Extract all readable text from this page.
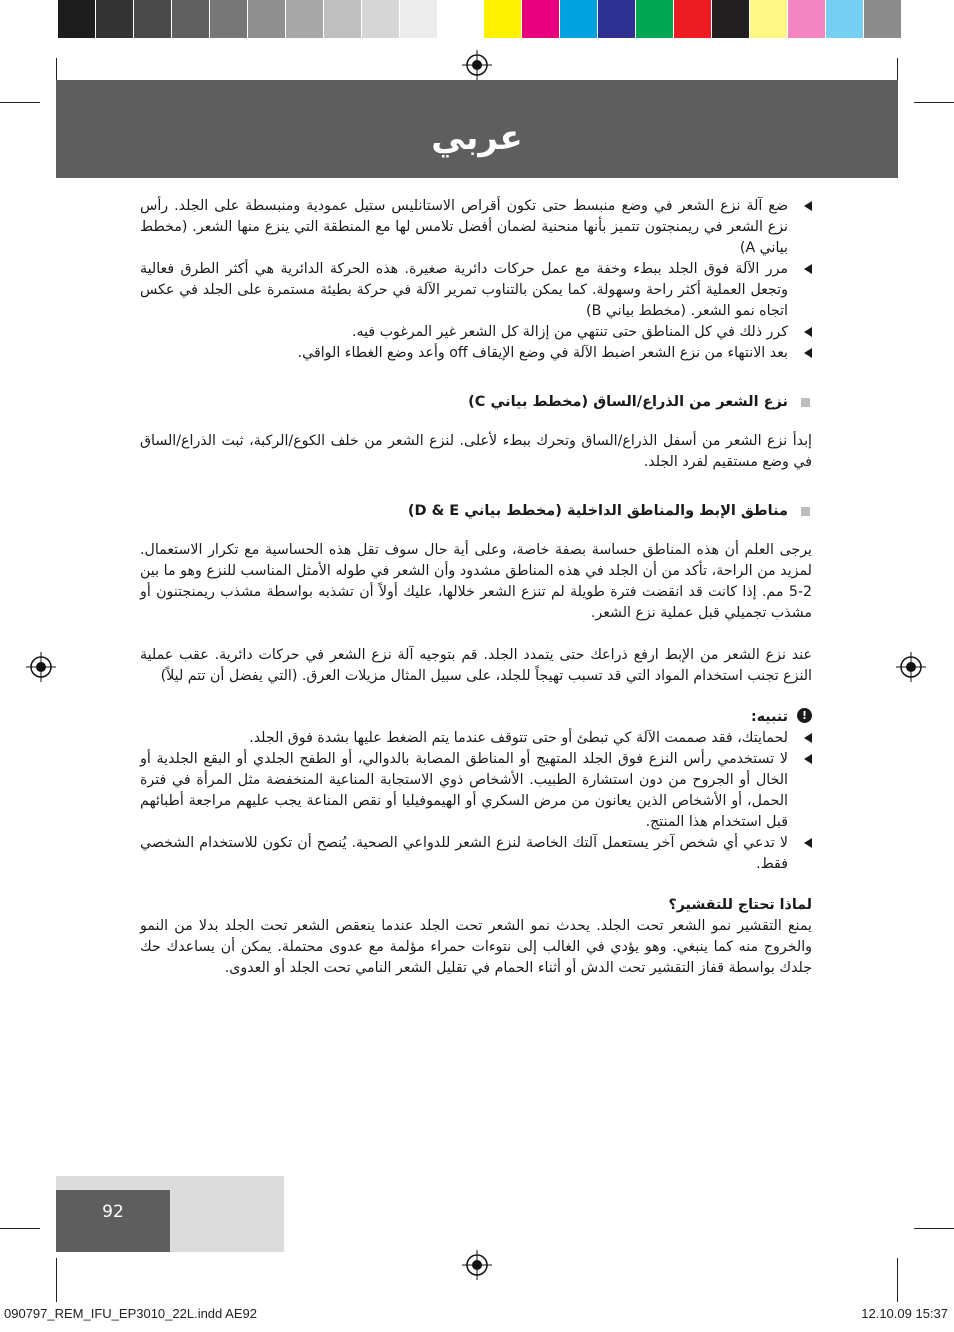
عربي
ضع آلة نزع الشعر في وضع منبسط حتى تكون أقراص الاستانليس ستيل عمودية ومنبسطة على الجلد. رأس نزع الشعر في ريمنجتون تتميز بأنها منحنية لضمان أفضل تلامس لها مع المنطقة التي ينزع منها الشعر. (مخطط بياني A)
مرر الآلة فوق الجلد ببطء وخفة مع عمل حركات دائرية صغيرة. هذه الحركة الدائرية هي أكثر الطرق فعالية وتجعل العملية أكثر راحة وسهولة. كما يمكن بالتناوب تمرير الآلة في حركة بطيئة مستمرة على الجلد في عكس اتجاه نمو الشعر. (مخطط بياني B)
كرر ذلك في كل المناطق حتى تنتهي من إزالة كل الشعر غير المرغوب فيه.
بعد الانتهاء من نزع الشعر اضبط الآلة في وضع الإيقاف off وأعد وضع الغطاء الواقي.
نزع الشعر من الذراع/الساق (مخطط بياني C)

إبدأ نزع الشعر من أسفل الذراع/الساق وتحرك ببطء لأعلى. لنزع الشعر من خلف الكوع/الركبة، ثبت الذراع/الساق في وضع مستقيم لفرد الجلد.

مناطق الإبط والمناطق الداخلية (مخطط بياني D & E)

يرجى العلم أن هذه المناطق حساسة بصفة خاصة، وعلى أية حال سوف تقل هذه الحساسية مع تكرار الاستعمال. لمزيد من الراحة، تأكد من أن الجلد في هذه المناطق مشدود وأن الشعر في طوله الأمثل المناسب للنزع وهو ما بين 2-5 مم. إذا كانت قد انقضت فترة طويلة لم تنزع الشعر خلالها، عليك أولاً أن تشذبه بواسطة مشذب ريمنجتنون أو مشذب تجميلي قبل عملية نزع الشعر.

عند نزع الشعر من الإبط ارفع ذراعك حتى يتمدد الجلد. قم بتوجيه آلة نزع الشعر في حركات دائرية. عقب عملية النزع تجنب استخدام المواد التي قد تسبب تهيجاً للجلد، على سبيل المثال مزيلات العرق. (التي يفضل أن تتم ليلاً)

!
تنبيه:
لحمايتك، فقد صممت الآلة كي تبطئ أو حتى تتوقف عندما يتم الضغط عليها بشدة فوق الجلد.
لا تستخدمي رأس النزع فوق الجلد المتهيج أو المناطق المصابة بالدوالي، أو الطفح الجلدي أو البقع الجلدية أو الخال أو الجروح من دون استشارة الطبيب. الأشخاص ذوي الاستجابة المناعية المنخفضة مثل المرأة في فترة الحمل، أو الأشخاص الذين يعانون من مرض السكري أو الهيموفيليا أو نقص المناعة يجب عليهم مراجعة أطبائهم قبل استخدام هذا المنتج.
لا تدعي أي شخص آخر يستعمل آلتك الخاصة لنزع الشعر للدواعي الصحية. يُنصح أن تكون للاستخدام الشخصي فقط.
لماذا تحتاج للتقشير؟

يمنع التقشير نمو الشعر تحت الجلد. يحدث نمو الشعر تحت الجلد عندما ينعقص الشعر تحت الجلد بدلا من النمو والخروج منه كما ينبغي. وهو يؤدي في الغالب إلى نتوءات حمراء مؤلمة مع عدوى محتملة. يمكن أن يساعدك حك جلدك بواسطة قفاز التقشير تحت الدش أو أثناء الحمام في تقليل الشعر النامي تحت الجلد أو العدوى.

92
090797_REM_IFU_EP3010_22L.indd AE92	12.10.09 15:37
